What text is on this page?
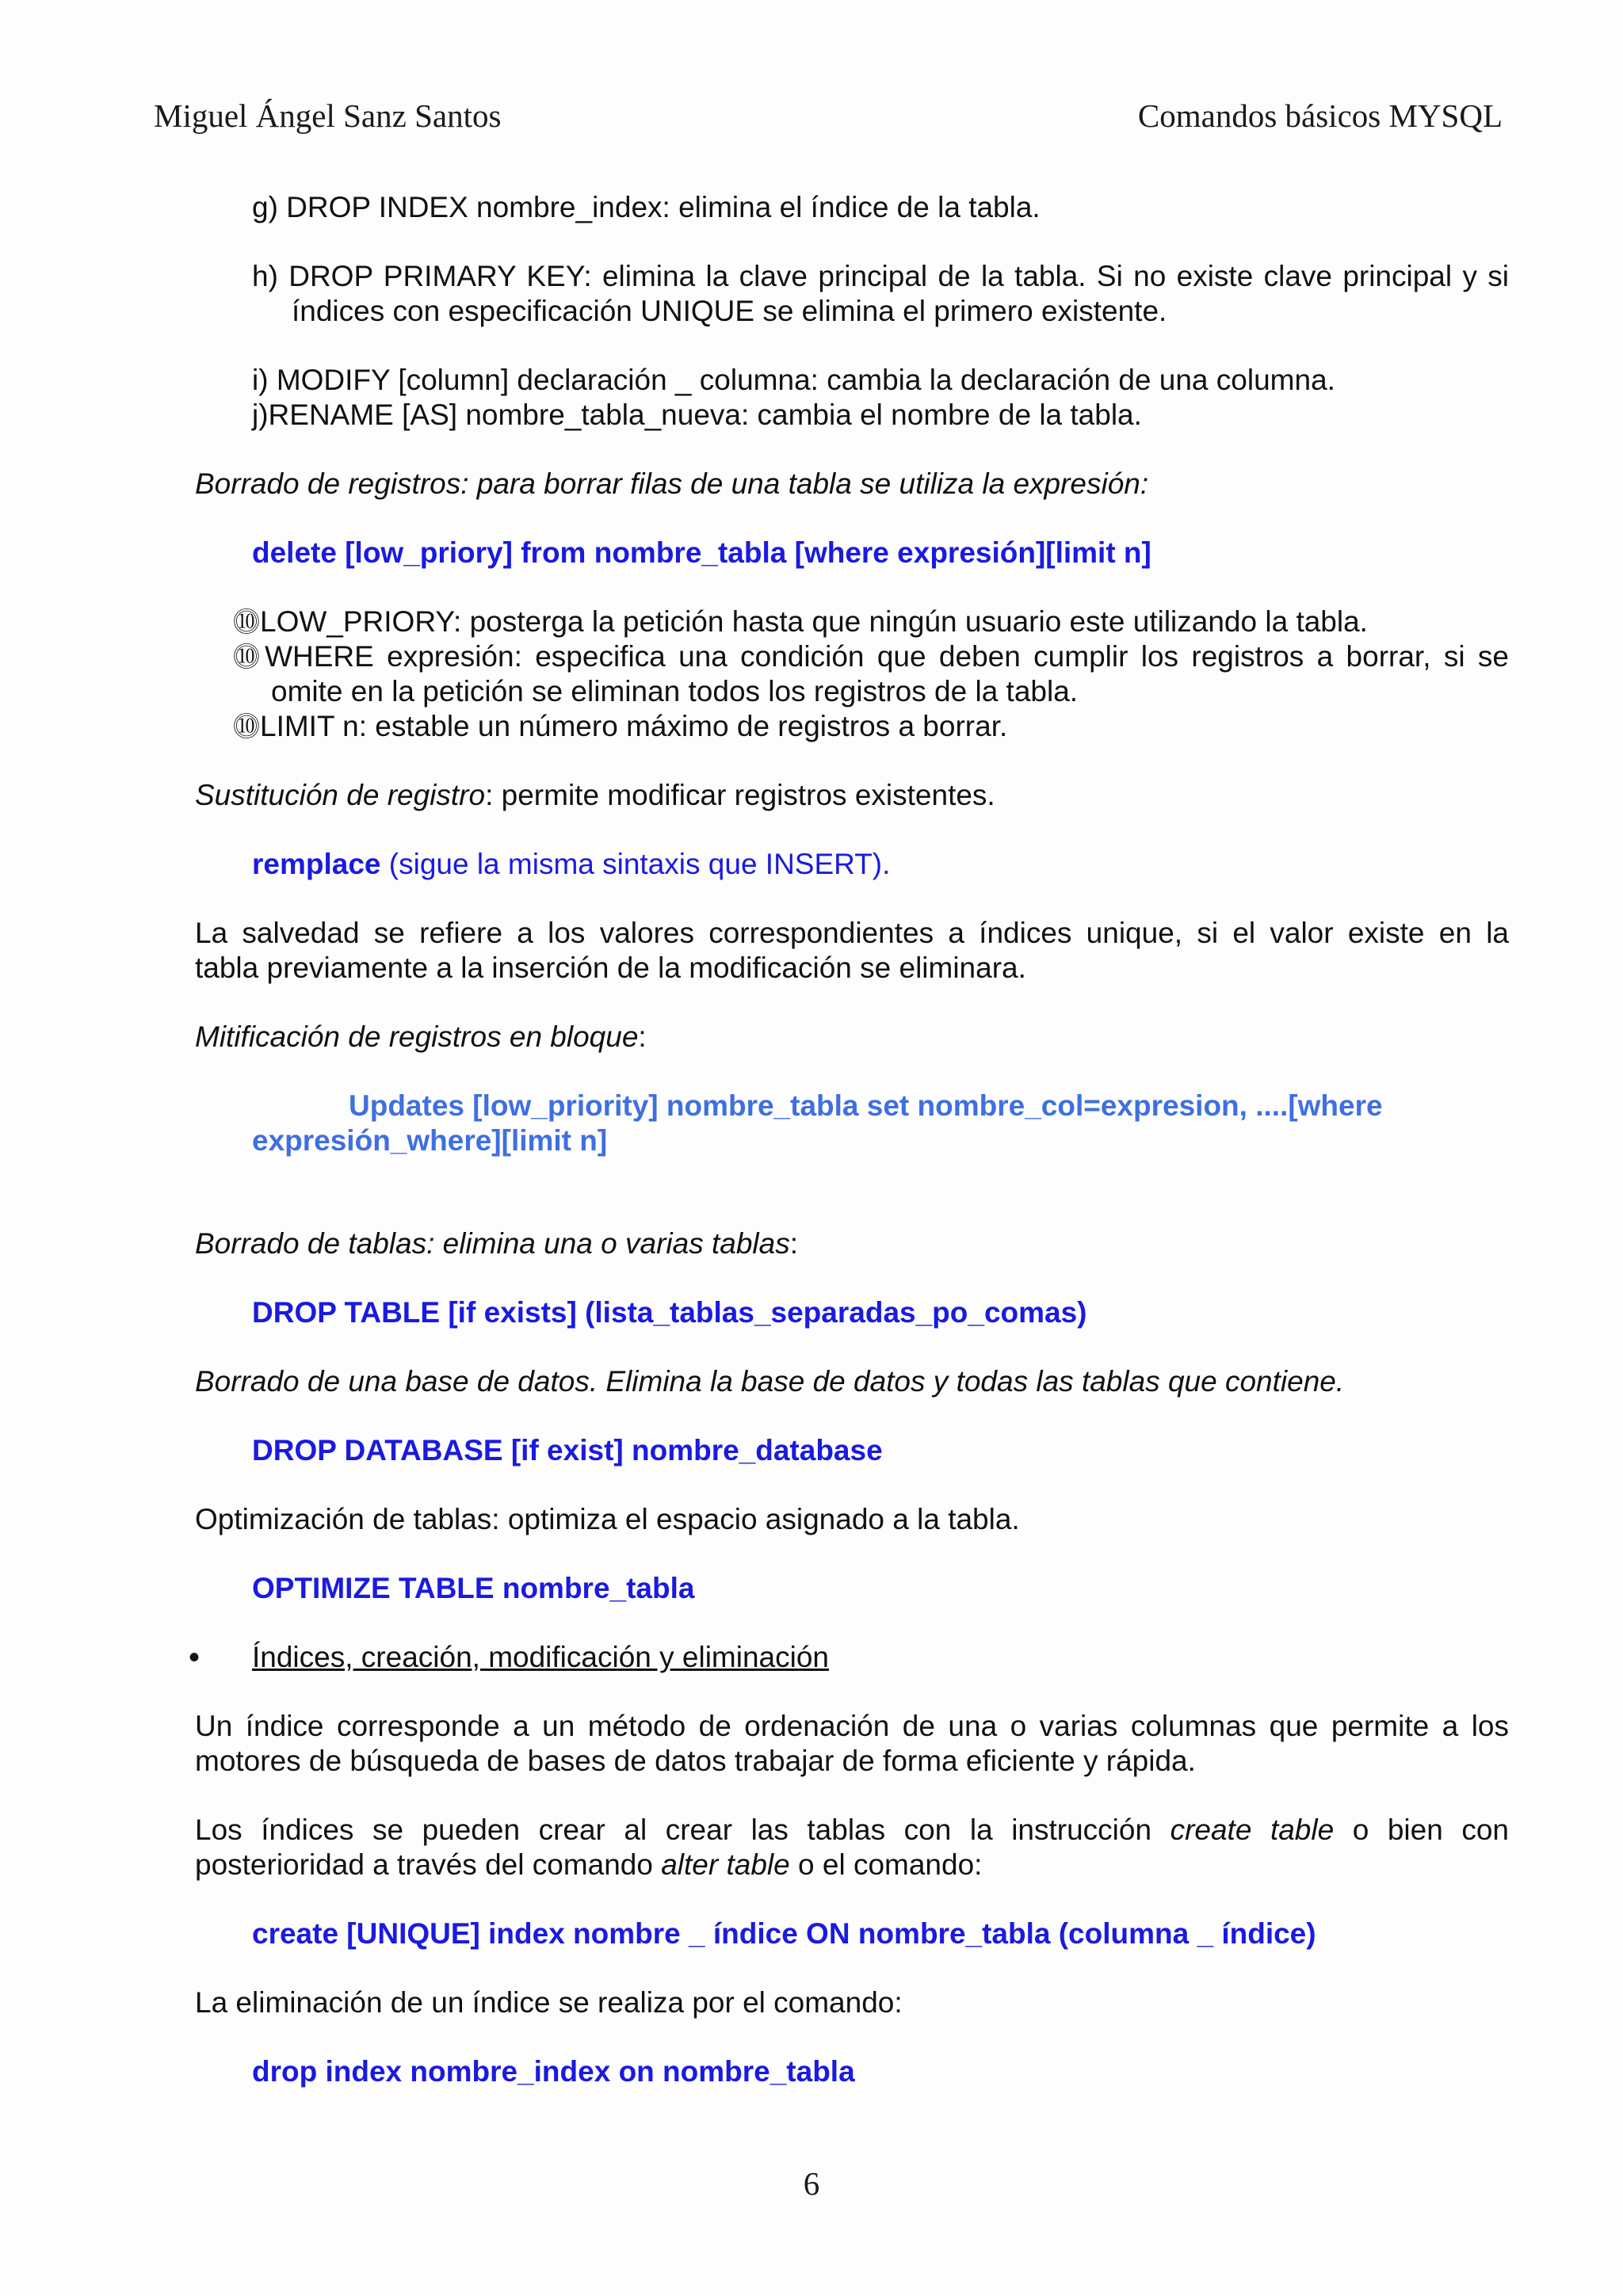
Miguel Ángel Sanz Santos	Comandos básicos MYSQL
g) DROP INDEX nombre_index: elimina el índice de la tabla.
h) DROP PRIMARY KEY: elimina la clave principal de la tabla. Si no existe clave principal y si
índices con especificación UNIQUE se elimina el primero existente.
i) MODIFY [column] declaración _ columna: cambia la declaración de una columna.
j)RENAME [AS] nombre_tabla_nueva: cambia el nombre de la tabla.
Borrado de registros: para borrar filas de una tabla se utiliza la expresión:
delete [low_priory] from nombre_tabla [where expresión][limit n]
⓾LOW_PRIORY: posterga la petición hasta que ningún usuario este utilizando la tabla.
⓾WHERE expresión: especifica una condición que deben cumplir los registros a borrar, si se
omite en la petición se eliminan todos los registros de la tabla.
⓾LIMIT n: estable un número máximo de registros a borrar.
Sustitución de registro: permite modificar registros existentes.
remplace (sigue la misma sintaxis que INSERT).
La salvedad se refiere a los valores correspondientes a índices unique, si el valor existe en la
tabla previamente a la inserción de la modificación se eliminara.
Mitificación de registros en bloque:
Updates [low_priority] nombre_tabla set nombre_col=expresion, ....[where
expresión_where][limit n]
Borrado de tablas: elimina una o varias tablas:
DROP TABLE [if exists] (lista_tablas_separadas_po_comas)
Borrado de una base de datos. Elimina la base de datos y todas las tablas que contiene.
DROP DATABASE [if exist] nombre_database
Optimización de tablas: optimiza el espacio asignado a la tabla.
OPTIMIZE TABLE nombre_tabla
• Índices, creación, modificación y eliminación
Un índice corresponde a un método de ordenación de una o varias columnas que permite a los
motores de búsqueda de bases de datos trabajar de forma eficiente y rápida.
Los índices se pueden crear al crear las tablas con la instrucción create table o bien con
posterioridad a través del comando alter table o el comando:
create [UNIQUE] index nombre _ índice ON nombre_tabla (columna _ índice)
La eliminación de un índice se realiza por el comando:
drop index nombre_index on nombre_tabla
6
